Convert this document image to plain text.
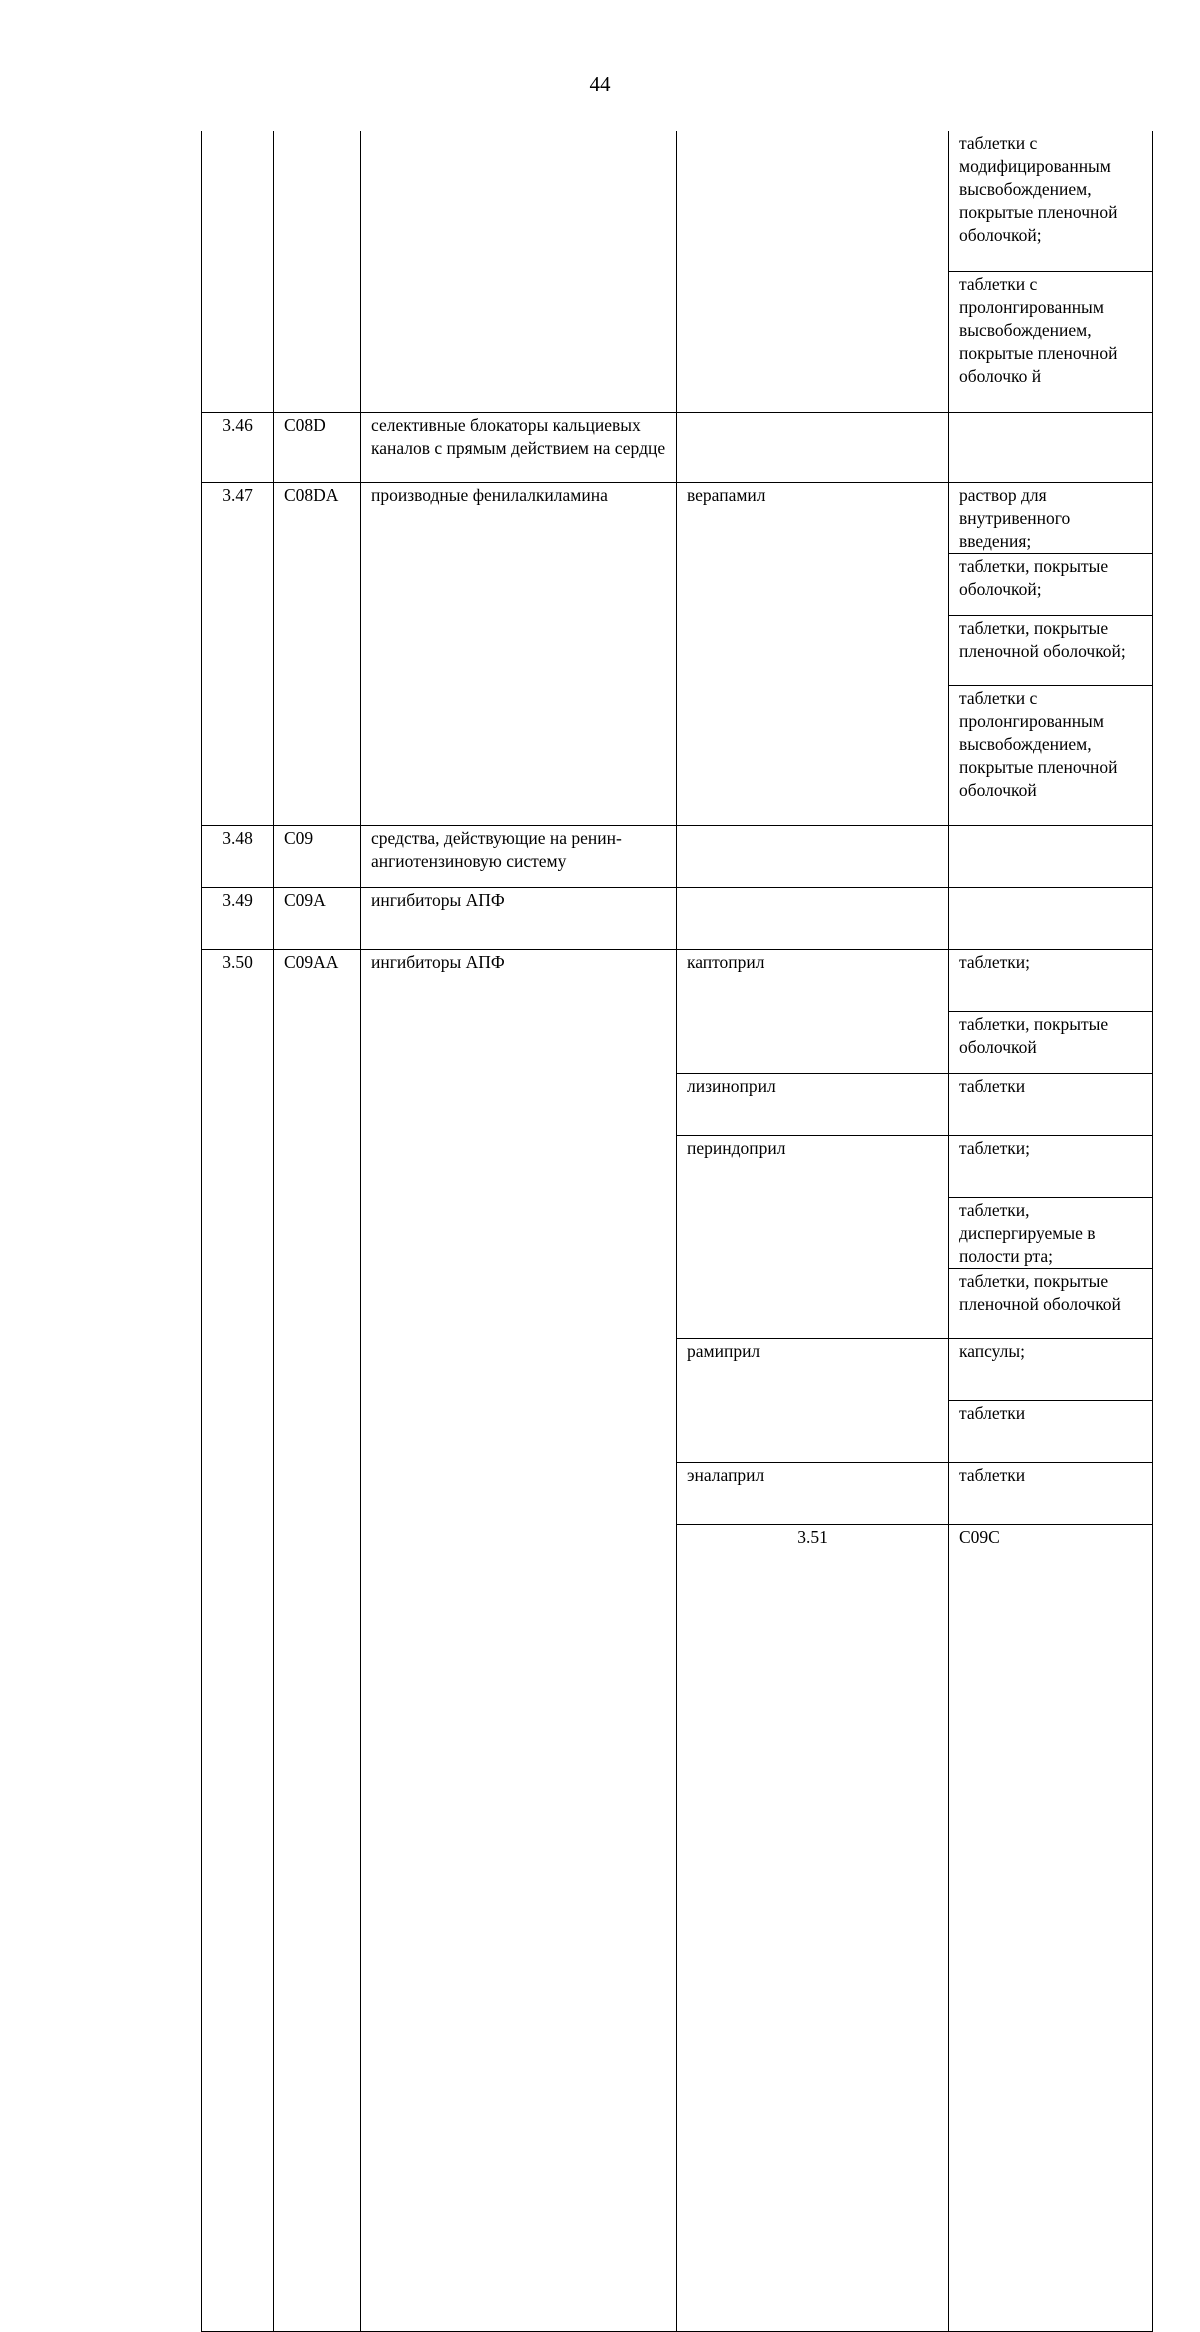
44
				таблетки с модифицированным высвобождением, покрытые пленочной оболочкой;	
				таблетки с пролонгированным высвобождением, покрытые пленочной оболочко й	
3.46	C08D	селективные блокаторы кальциевых каналов с прямым действием на сердце			
3.47	C08DA	производные фенилалкиламина	верапамил	раствор для внутривенного введения;	
				таблетки, покрытые оболочкой;	
				таблетки, покрытые пленочной оболочкой;	
				таблетки с пролонгированным высвобождением, покрытые пленочной оболочкой	
3.48	C09	средства, действующие на ренин-ангиотензиновую систему			
3.49	C09A	ингибиторы АПФ			
3.50	C09AA	ингибиторы АПФ	каптоприл	таблетки;	
				таблетки, покрытые оболочкой	
			лизиноприл	таблетки	
			периндоприл	таблетки;	
				таблетки, диспергируемые в полости рта;	
				таблетки, покрытые пленочной оболочкой	
			рамиприл	капсулы;	
				таблетки	
			эналаприл	таблетки	
			3.51	C09C			
